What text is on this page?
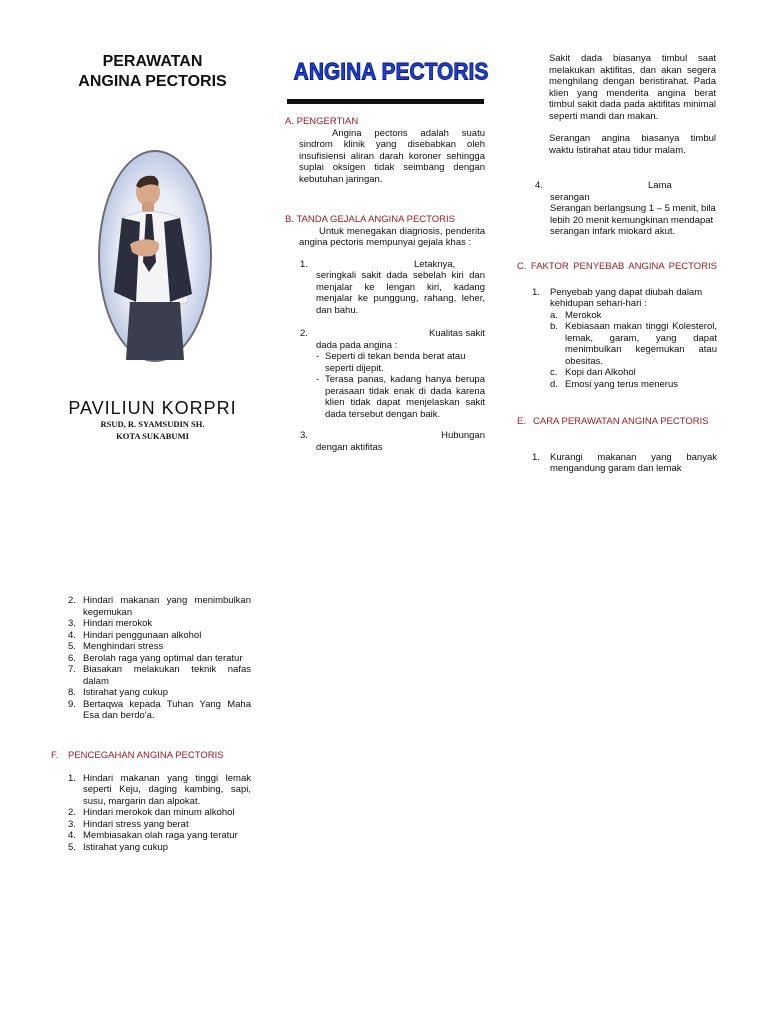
PERAWATAN
ANGINA PECTORIS
PAVILIUN KORPRI
RSUD, R. SYAMSUDIN SH.
KOTA SUKABUMI
ANGINA PECTORIS
A. PENGERTIAN

Angina pectoris adalah suatu sindrom klinik yang disebabkan oleh insufisiensi aliran darah koroner sehingga suplai oksigen tidak seimbang dengan kebutuhan jaringan.

B. TANDA GEJALA ANGINA PECTORIS

Untuk menegakan diagnosis, penderita angina pectoris mempunyai gejala khas :

1.	Letaknya,

seringkali sakit dada sebelah kiri dan menjalar ke lengan kiri, kadang menjalar ke punggung, rahang, leher, dan bahu.

2.	Kualitas sakit

dada pada angina :

- Seperti di tekan benda berat atau seperti dijepit.

- Terasa panas, kadang hanya berupa perasaan tidak enak di dada karena klien tidak dapat menjelaskan sakit dada tersebut dengan baik.

3.	Hubungan

dengan aktifitas

Sakit dada biasanya timbul saat melakukan aktifitas, dan akan segera menghilang dengan beristirahat. Pada klien yang menderita angina berat timbul sakit dada pada aktifitas minimal seperti mandi dan makan.

Serangan angina biasanya timbul waktu istirahat atau tidur malam.

4.	Lama
serangan

Serangan berlangsung 1 – 5 menit, bila lebih 20 menit kemungkinan mendapat serangan infark miokard akut.

C. FAKTOR PENYEBAB ANGINA PECTORIS
1. Penyebab yang dapat diubah dalam kehidupan sehari-hari :

a. Merokok

b. Kebiasaan makan tinggi Kolesterol, lemak, garam, yang dapat menimbulkan kegemukan atau obesitas.

c. Kopi dan Alkohol

d. Emosi yang terus menerus

E. CARA PERAWATAN ANGINA PECTORIS
1. Kurangi makanan yang banyak mengandung garam dan lemak

2. Hindari makanan yang menimbulkan kegemukan

3. Hindari merokok

4. Hindari penggunaan alkohol

5. Menghindari stress

6. Berolah raga yang optimal dan teratur

7. Biasakan melakukan teknik nafas dalam

8. Istirahat yang cukup

9. Bertaqwa kepada Tuhan Yang Maha Esa dan berdo'a.

F. PENCEGAHAN ANGINA PECTORIS
1. Hindari makanan yang tinggi lemak seperti Keju, daging kambing, sapi, susu, margarin dan alpokat.

2. Hindari merokok dan minum alkohol

3. Hindari stress yang berat

4. Membiasakan olah raga yang teratur

5. Istirahat yang cukup
